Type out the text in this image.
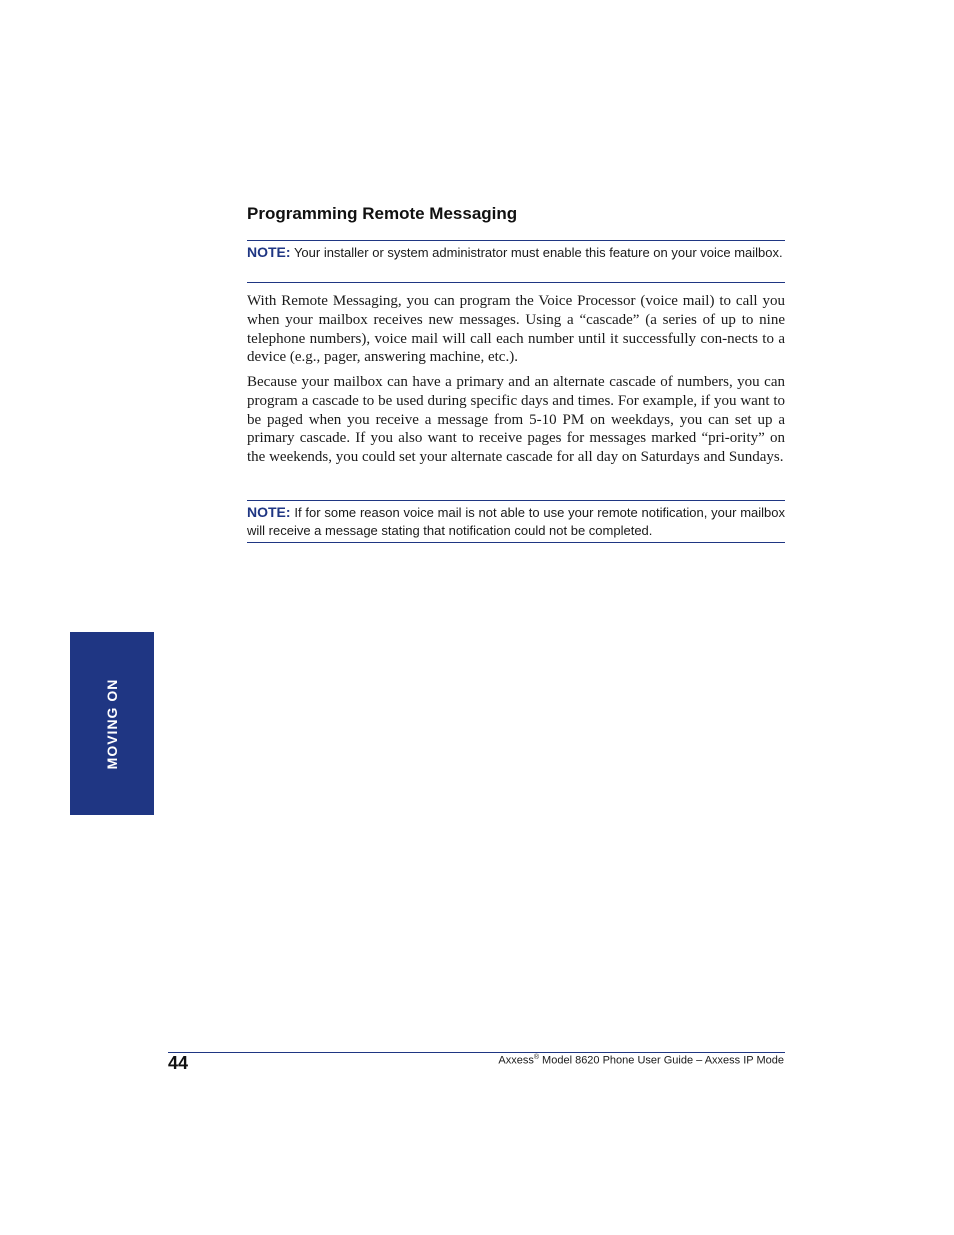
Programming Remote Messaging
NOTE: Your installer or system administrator must enable this feature on your voice mailbox.

With Remote Messaging, you can program the Voice Processor (voice mail) to call you when your mailbox receives new messages. Using a “cascade” (a series of up to nine telephone numbers), voice mail will call each number until it successfully con-nects to a device (e.g., pager, answering machine, etc.).

Because your mailbox can have a primary and an alternate cascade of numbers, you can program a cascade to be used during specific days and times. For example, if you want to be paged when you receive a message from 5-10 PM on weekdays, you can set up a primary cascade. If you also want to receive pages for messages marked “pri-ority” on the weekends, you could set your alternate cascade for all day on Saturdays and Sundays.

NOTE: If for some reason voice mail is not able to use your remote notification, your mailbox will receive a message stating that notification could not be completed.
MOVING ON
44	Axxess® Model 8620 Phone User Guide – Axxess IP Mode
